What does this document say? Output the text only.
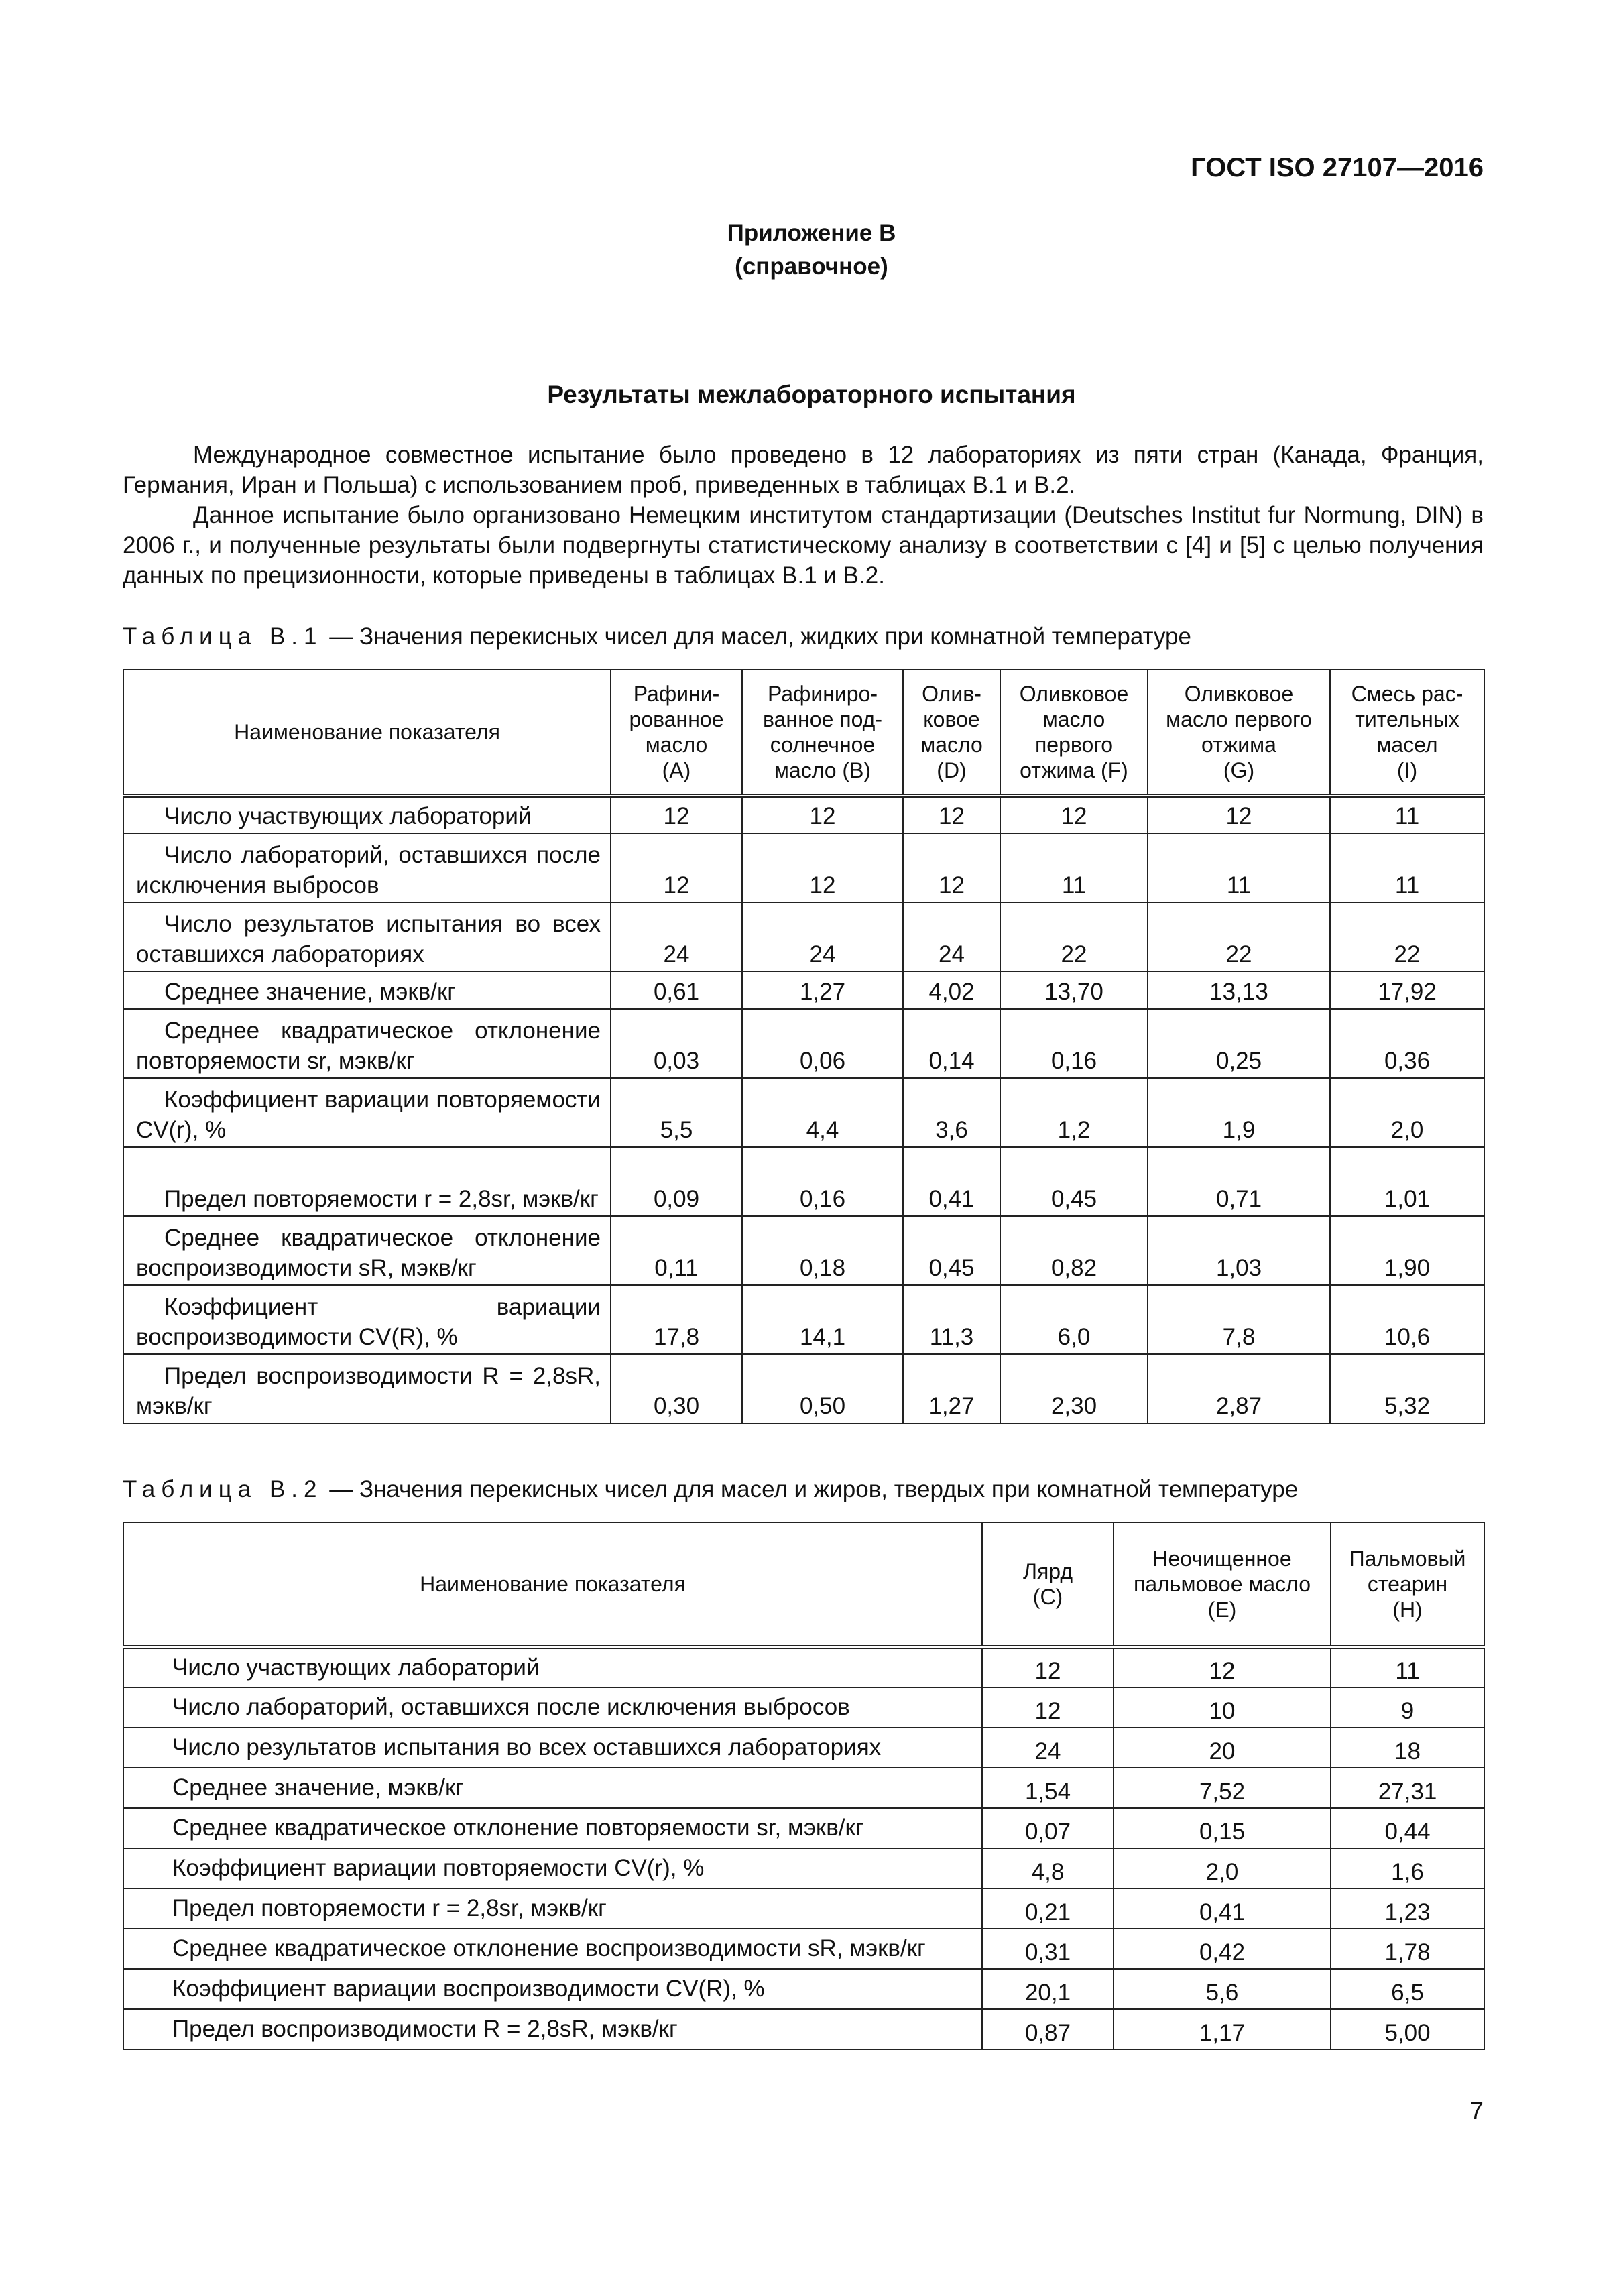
ГОСТ ISO 27107—2016
Приложение В
(справочное)
Результаты межлабораторного испытания

Международное совместное испытание было проведено в 12 лабораториях из пяти стран (Канада, Франция, Германия, Иран и Польша) с использованием проб, приведенных в таблицах В.1 и В.2.

Данное испытание было организовано Немецким институтом стандартизации (Deutsches Institut fur Normung, DIN) в 2006 г., и полученные результаты были подвергнуты статистическому анализу в соответствии с [4] и [5] с целью получения данных по прецизионности, которые приведены в таблицах В.1 и В.2.

Таблица В.1 — Значения перекисных чисел для масел, жидких при комнатной температуре
Наименование показателя	Рафини-
рованное
масло
(A)	Рафиниро-
ванное под-
солнечное
масло (B)	Олив-
ковое
масло
(D)	Оливковое
масло
первого
отжима (F)	Оливковое
масло первого
отжима
(G)	Смесь рас-
тительных
масел
(I)

Число участвующих лабораторий	12	12	12	12	12	11

Число лабораторий, оставшихся после исключения выбросов	12	12	12	11	11	11

Число результатов испытания во всех оставшихся лабораториях	24	24	24	22	22	22

Среднее значение, мэкв/кг	0,61	1,27	4,02	13,70	13,13	17,92

Среднее квадратическое отклонение повторяемости sr, мэкв/кг	0,03	0,06	0,14	0,16	0,25	0,36

Коэффициент вариации повторяемости CV(r), %	5,5	4,4	3,6	1,2	1,9	2,0

Предел повторяемости r = 2,8sr, мэкв/кг	0,09	0,16	0,41	0,45	0,71	1,01

Среднее квадратическое отклонение воспроизводимости sR, мэкв/кг	0,11	0,18	0,45	0,82	1,03	1,90

Коэффициент вариации воспроизводимости CV(R), %	17,8	14,1	11,3	6,0	7,8	10,6

Предел воспроизводимости R = 2,8sR, мэкв/кг	0,30	0,50	1,27	2,30	2,87	5,32
Таблица В.2 — Значения перекисных чисел для масел и жиров, твердых при комнатной температуре
Наименование показателя	Лярд
(C)	Неочищенное
пальмовое масло
(E)	Пальмовый
стеарин
(H)
Число участвующих лабораторий	12	12	11
Число лабораторий, оставшихся после исключения выбросов	12	10	9
Число результатов испытания во всех оставшихся лабораториях	24	20	18
Среднее значение, мэкв/кг	1,54	7,52	27,31
Среднее квадратическое отклонение повторяемости sr, мэкв/кг	0,07	0,15	0,44
Коэффициент вариации повторяемости CV(r), %	4,8	2,0	1,6
Предел повторяемости r = 2,8sr, мэкв/кг	0,21	0,41	1,23
Среднее квадратическое отклонение воспроизводимости sR, мэкв/кг	0,31	0,42	1,78
Коэффициент вариации воспроизводимости CV(R), %	20,1	5,6	6,5
Предел воспроизводимости R = 2,8sR, мэкв/кг	0,87	1,17	5,00
7
